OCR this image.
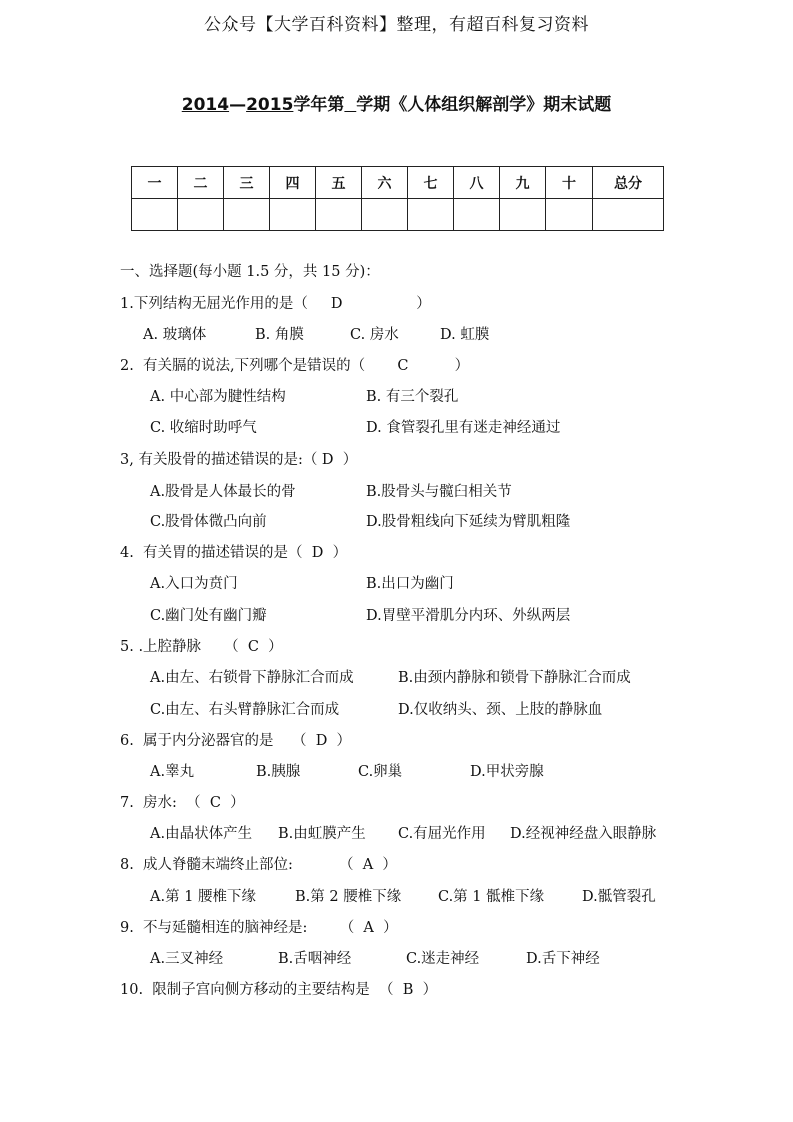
公众号【大学百科资料】整理，有超百科复习资料
2014—2015学年第 学期《人体组织解剖学》期末试题
一	二	三	四	五	六	七	八	九	十	总分

一、选择题(每小题 1.5 分，共 15 分)：
1.下列结构无屈光作用的是（     D                ）
A. 玻璃体	B. 角膜	C. 房水	D. 虹膜
2.  有关膈的说法,下列哪个是错误的（       C          ）
A. 中心部为腱性结构	B. 有三个裂孔
C. 收缩时助呼气	D. 食管裂孔里有迷走神经通过
3, 有关股骨的描述错误的是:（ D  ）
A.股骨是人体最长的骨	B.股骨头与髋臼相关节
C.股骨体微凸向前	D.股骨粗线向下延续为臂肌粗隆
4.  有关胃的描述错误的是（  D  ）
A.入口为贲门	B.出口为幽门
C.幽门处有幽门瓣	D.胃壁平滑肌分内环、外纵两层
5. .上腔静脉     （  C  ）
A.由左、右锁骨下静脉汇合而成	B.由颈内静脉和锁骨下静脉汇合而成
C.由左、右头臂静脉汇合而成	D.仅收纳头、颈、上肢的静脉血
6.  属于内分泌器官的是    （  D  ）
A.睾丸	B.胰腺	C.卵巢	D.甲状旁腺
7.  房水:  （  C  ）
A.由晶状体产生 B.由虹膜产生 C.有屈光作用 D.经视神经盘入眼静脉
8.  成人脊髓末端终止部位:          （  A  ）
A.第 1 腰椎下缘	B.第 2 腰椎下缘	C.第 1 骶椎下缘	D.骶管裂孔
9.  不与延髓相连的脑神经是:       （  A  ）
A.三叉神经	B.舌咽神经	C.迷走神经	D.舌下神经
10.  限制子宫向侧方移动的主要结构是  （  B  ）
